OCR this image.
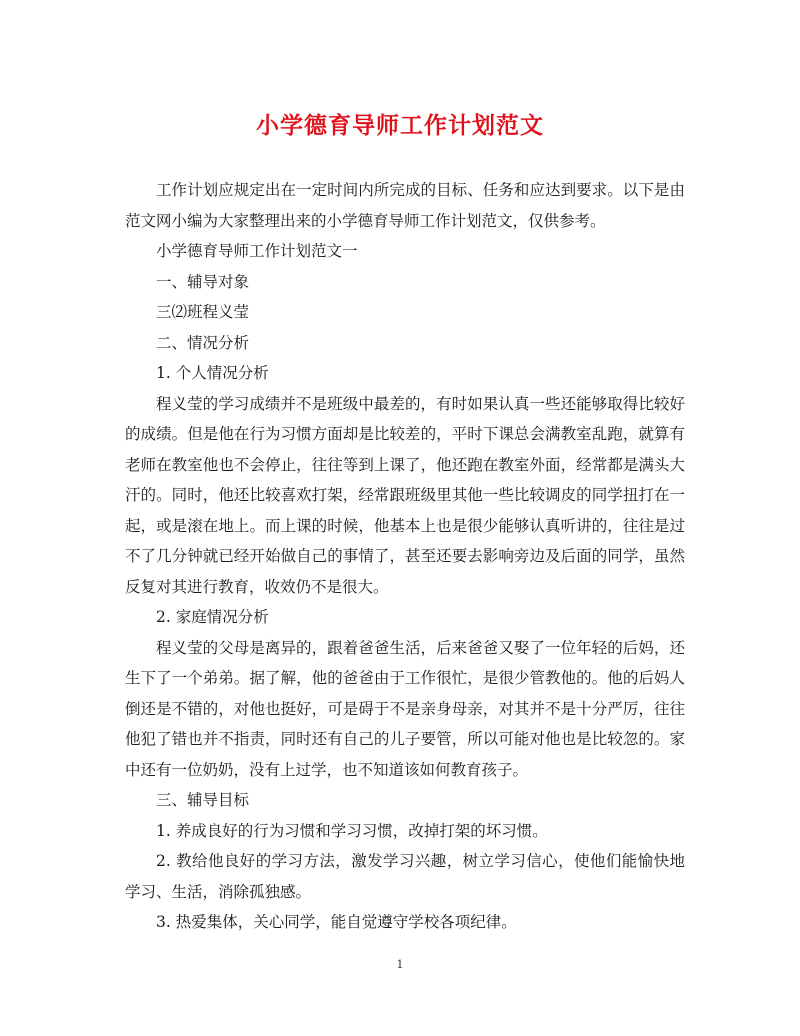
小学德育导师工作计划范文

工作计划应规定出在一定时间内所完成的目标、任务和应达到要求。以下是由范文网小编为大家整理出来的小学德育导师工作计划范文，仅供参考。

小学德育导师工作计划范文一

一、辅导对象

三⑵班程义莹

二、情况分析

1. 个人情况分析

程义莹的学习成绩并不是班级中最差的，有时如果认真一些还能够取得比较好的成绩。但是他在行为习惯方面却是比较差的，平时下课总会满教室乱跑，就算有老师在教室他也不会停止，往往等到上课了，他还跑在教室外面，经常都是满头大汗的。同时，他还比较喜欢打架，经常跟班级里其他一些比较调皮的同学扭打在一起，或是滚在地上。而上课的时候，他基本上也是很少能够认真听讲的，往往是过不了几分钟就已经开始做自己的事情了，甚至还要去影响旁边及后面的同学，虽然反复对其进行教育，收效仍不是很大。

2. 家庭情况分析

程义莹的父母是离异的，跟着爸爸生活，后来爸爸又娶了一位年轻的后妈，还生下了一个弟弟。据了解，他的爸爸由于工作很忙，是很少管教他的。他的后妈人倒还是不错的，对他也挺好，可是碍于不是亲身母亲，对其并不是十分严厉，往往他犯了错也并不指责，同时还有自己的儿子要管，所以可能对他也是比较忽的。家中还有一位奶奶，没有上过学，也不知道该如何教育孩子。

三、辅导目标

1. 养成良好的行为习惯和学习习惯，改掉打架的坏习惯。

2. 教给他良好的学习方法，激发学习兴趣，树立学习信心，使他们能愉快地学习、生活，消除孤独感。

3. 热爱集体，关心同学，能自觉遵守学校各项纪律。

1
